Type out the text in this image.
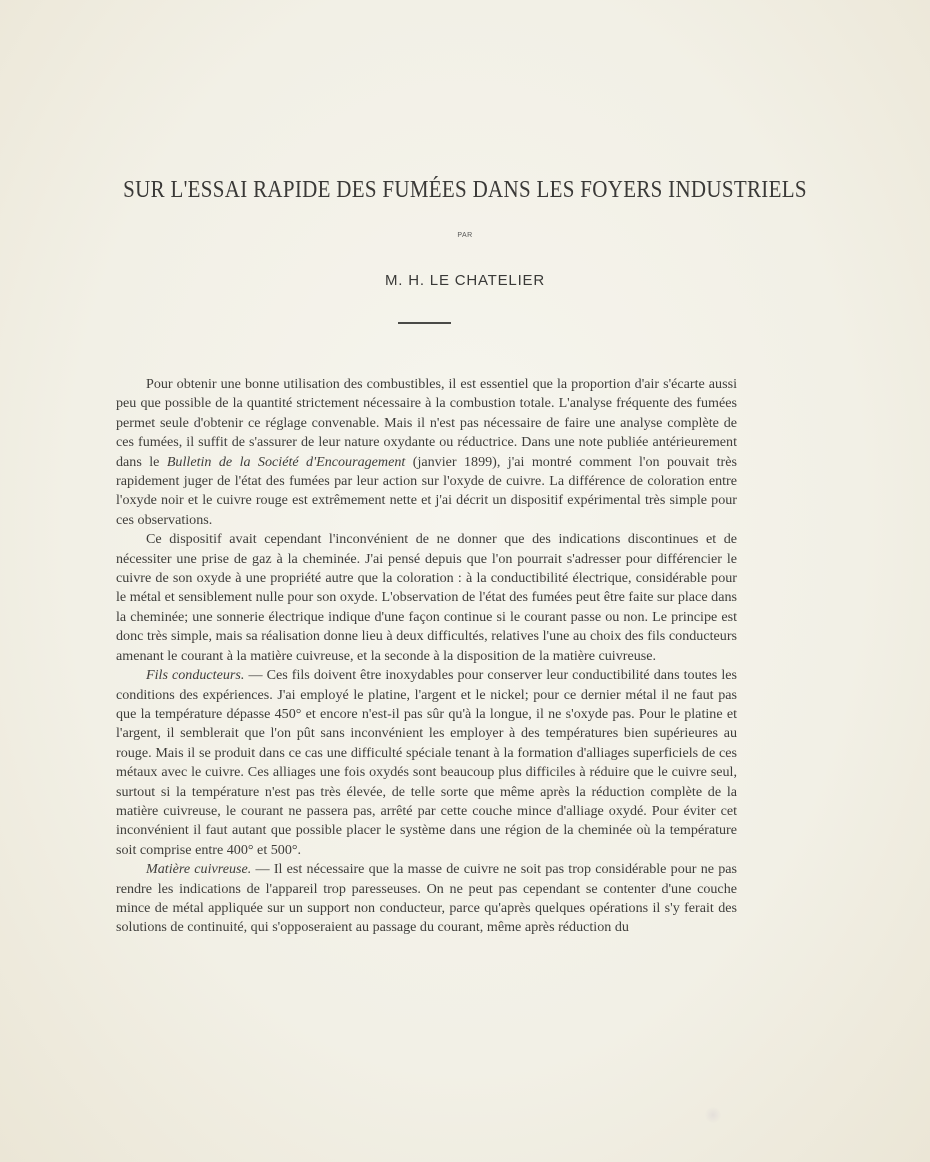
SUR L'ESSAI RAPIDE DES FUMÉES DANS LES FOYERS INDUSTRIELS
PAR
M. H. LE CHATELIER

Pour obtenir une bonne utilisation des combustibles, il est essentiel que la proportion d'air s'écarte aussi peu que possible de la quantité strictement nécessaire à la combustion totale. L'analyse fréquente des fumées permet seule d'obtenir ce réglage convenable. Mais il n'est pas nécessaire de faire une analyse complète de ces fumées, il suffit de s'assurer de leur nature oxydante ou réductrice. Dans une note publiée antérieurement dans le Bulletin de la Société d'Encouragement (janvier 1899), j'ai montré comment l'on pouvait très rapidement juger de l'état des fumées par leur action sur l'oxyde de cuivre. La différence de coloration entre l'oxyde noir et le cuivre rouge est extrêmement nette et j'ai décrit un dispositif expérimental très simple pour ces observations.

Ce dispositif avait cependant l'inconvénient de ne donner que des indications discontinues et de nécessiter une prise de gaz à la cheminée. J'ai pensé depuis que l'on pourrait s'adresser pour différencier le cuivre de son oxyde à une propriété autre que la coloration : à la conductibilité électrique, considérable pour le métal et sensiblement nulle pour son oxyde. L'observation de l'état des fumées peut être faite sur place dans la cheminée; une sonnerie électrique indique d'une façon continue si le courant passe ou non. Le principe est donc très simple, mais sa réalisation donne lieu à deux difficultés, relatives l'une au choix des fils conducteurs amenant le courant à la matière cuivreuse, et la seconde à la disposition de la matière cuivreuse.

Fils conducteurs. — Ces fils doivent être inoxydables pour conserver leur conductibilité dans toutes les conditions des expériences. J'ai employé le platine, l'argent et le nickel; pour ce dernier métal il ne faut pas que la température dépasse 450° et encore n'est-il pas sûr qu'à la longue, il ne s'oxyde pas. Pour le platine et l'argent, il semblerait que l'on pût sans inconvénient les employer à des températures bien supérieures au rouge. Mais il se produit dans ce cas une difficulté spéciale tenant à la formation d'alliages superficiels de ces métaux avec le cuivre. Ces alliages une fois oxydés sont beaucoup plus difficiles à réduire que le cuivre seul, surtout si la température n'est pas très élevée, de telle sorte que même après la réduction complète de la matière cuivreuse, le courant ne passera pas, arrêté par cette couche mince d'alliage oxydé. Pour éviter cet inconvénient il faut autant que possible placer le système dans une région de la cheminée où la température soit comprise entre 400° et 500°.

Matière cuivreuse. — Il est nécessaire que la masse de cuivre ne soit pas trop considérable pour ne pas rendre les indications de l'appareil trop paresseuses. On ne peut pas cependant se contenter d'une couche mince de métal appliquée sur un support non conducteur, parce qu'après quelques opérations il s'y ferait des solutions de continuité, qui s'opposeraient au passage du courant, même après réduction du
